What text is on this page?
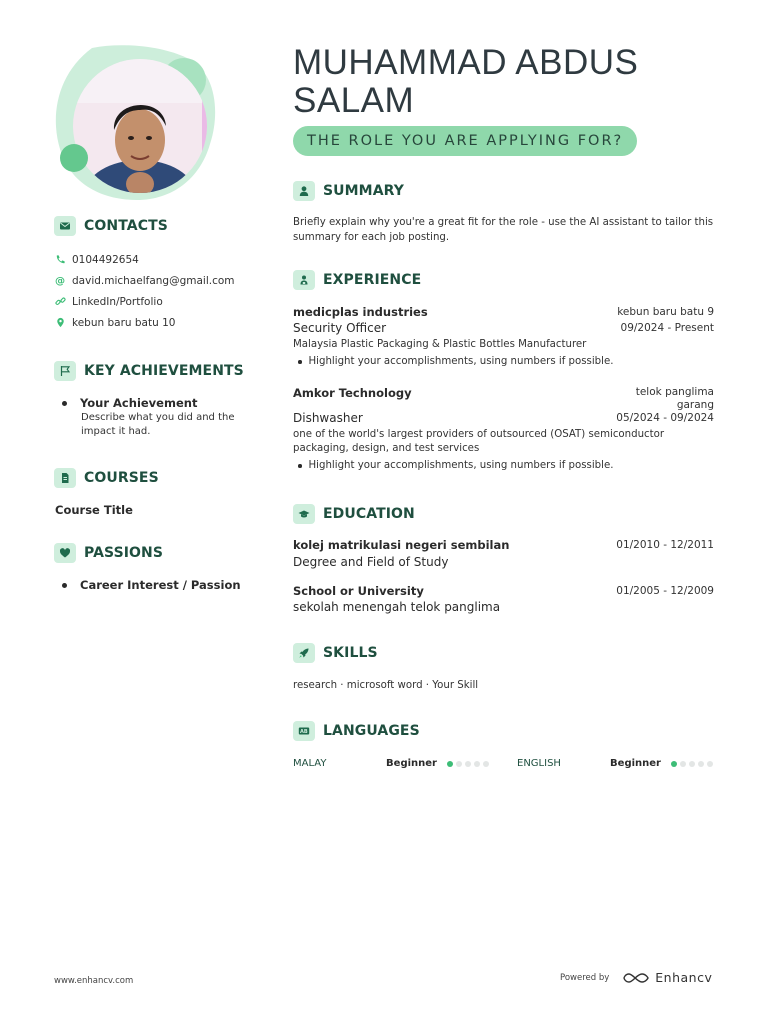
CONTACTS
0104492654
@ david.michaelfang@gmail.com
LinkedIn/Portfolio
kebun baru batu 10
KEY ACHIEVEMENTS
Your Achievement
Describe what you did and the
impact it had.
COURSES
Course Title
PASSIONS
Career Interest / Passion
MUHAMMAD ABDUS
SALAM
THE ROLE YOU ARE APPLYING FOR?
SUMMARY
Briefly explain why you're a great fit for the role - use the AI assistant to tailor this
summary for each job posting.
EXPERIENCE
medicplas industries	kebun baru batu 9
Security Officer	09/2024 - Present
Malaysia Plastic Packaging & Plastic Bottles Manufacturer
Highlight your accomplishments, using numbers if possible.
Amkor Technology	telok panglima
garang
Dishwasher	05/2024 - 09/2024
one of the world's largest providers of outsourced (OSAT) semiconductor
packaging, design, and test services
Highlight your accomplishments, using numbers if possible.
EDUCATION
kolej matrikulasi negeri sembilan	01/2010 - 12/2011
Degree and Field of Study
School or University	01/2005 - 12/2009
sekolah menengah telok panglima
SKILLS
research · microsoft word · Your Skill
AB LANGUAGES
MALAY	Beginner	ENGLISH	Beginner
www.enhancv.com	Powered by	Enhancv
